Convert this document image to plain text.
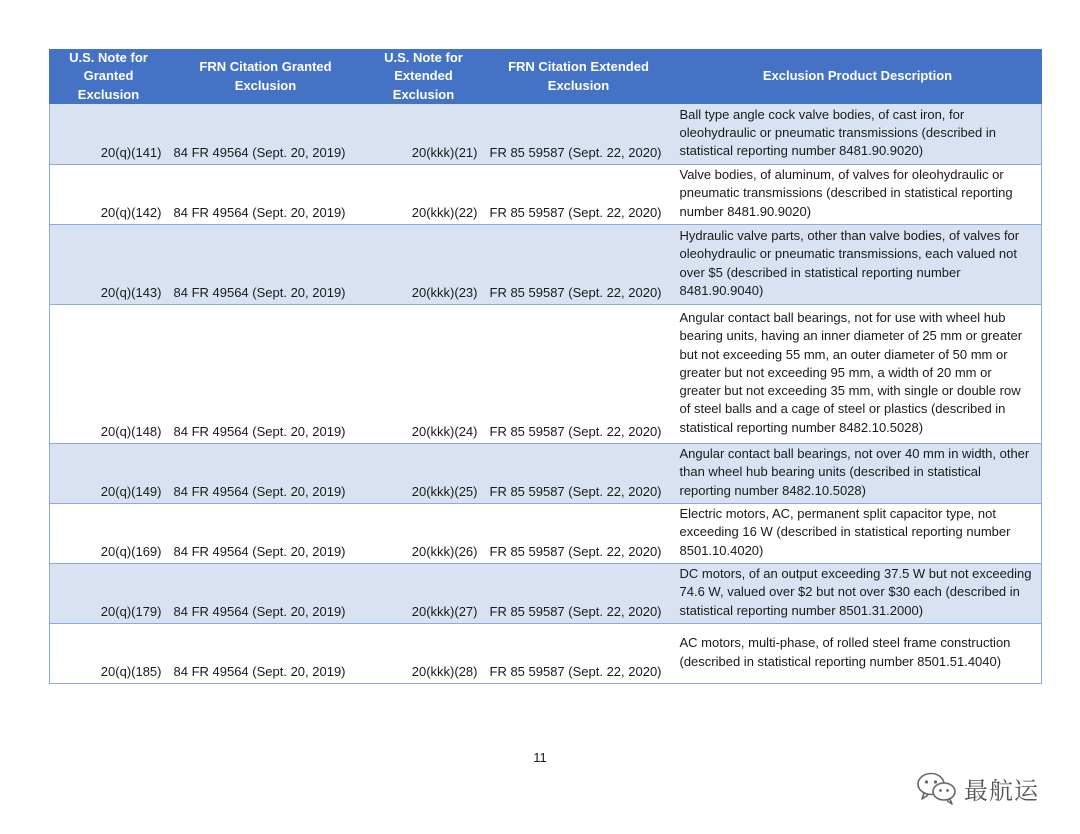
U.S. Note for Granted Exclusion	FRN Citation Granted Exclusion	U.S. Note for Extended Exclusion	FRN Citation Extended Exclusion	Exclusion Product Description
20(q)(141)	84 FR 49564 (Sept. 20, 2019)	20(kkk)(21)	FR 85 59587 (Sept. 22, 2020)	Ball type angle cock valve bodies, of cast iron, for oleohydraulic or pneumatic transmissions (described in statistical reporting number 8481.90.9020)
20(q)(142)	84 FR 49564 (Sept. 20, 2019)	20(kkk)(22)	FR 85 59587 (Sept. 22, 2020)	Valve bodies, of aluminum, of valves for oleohydraulic or pneumatic transmissions (described in statistical reporting number 8481.90.9020)
20(q)(143)	84 FR 49564 (Sept. 20, 2019)	20(kkk)(23)	FR 85 59587 (Sept. 22, 2020)	Hydraulic valve parts, other than valve bodies, of valves for oleohydraulic or pneumatic transmissions, each valued not over $5 (described in statistical reporting number 8481.90.9040)
20(q)(148)	84 FR 49564 (Sept. 20, 2019)	20(kkk)(24)	FR 85 59587 (Sept. 22, 2020)	Angular contact ball bearings, not for use with wheel hub bearing units, having an inner diameter of 25 mm or greater but not exceeding 55 mm, an outer diameter of 50 mm or greater but not exceeding 95 mm, a width of 20 mm or greater but not exceeding 35 mm, with single or double row of steel balls and a cage of steel or plastics (described in statistical reporting number 8482.10.5028)
20(q)(149)	84 FR 49564 (Sept. 20, 2019)	20(kkk)(25)	FR 85 59587 (Sept. 22, 2020)	Angular contact ball bearings, not over 40 mm in width, other than wheel hub bearing units (described in statistical reporting number 8482.10.5028)
20(q)(169)	84 FR 49564 (Sept. 20, 2019)	20(kkk)(26)	FR 85 59587 (Sept. 22, 2020)	Electric motors, AC, permanent split capacitor type, not exceeding 16 W (described in statistical reporting number 8501.10.4020)
20(q)(179)	84 FR 49564 (Sept. 20, 2019)	20(kkk)(27)	FR 85 59587 (Sept. 22, 2020)	DC motors, of an output exceeding 37.5 W but not exceeding 74.6 W, valued over $2 but not over $30 each (described in statistical reporting number 8501.31.2000)
20(q)(185)	84 FR 49564 (Sept. 20, 2019)	20(kkk)(28)	FR 85 59587 (Sept. 22, 2020)	AC motors, multi-phase, of rolled steel frame construction (described in statistical reporting number 8501.51.4040)
11
最航运
